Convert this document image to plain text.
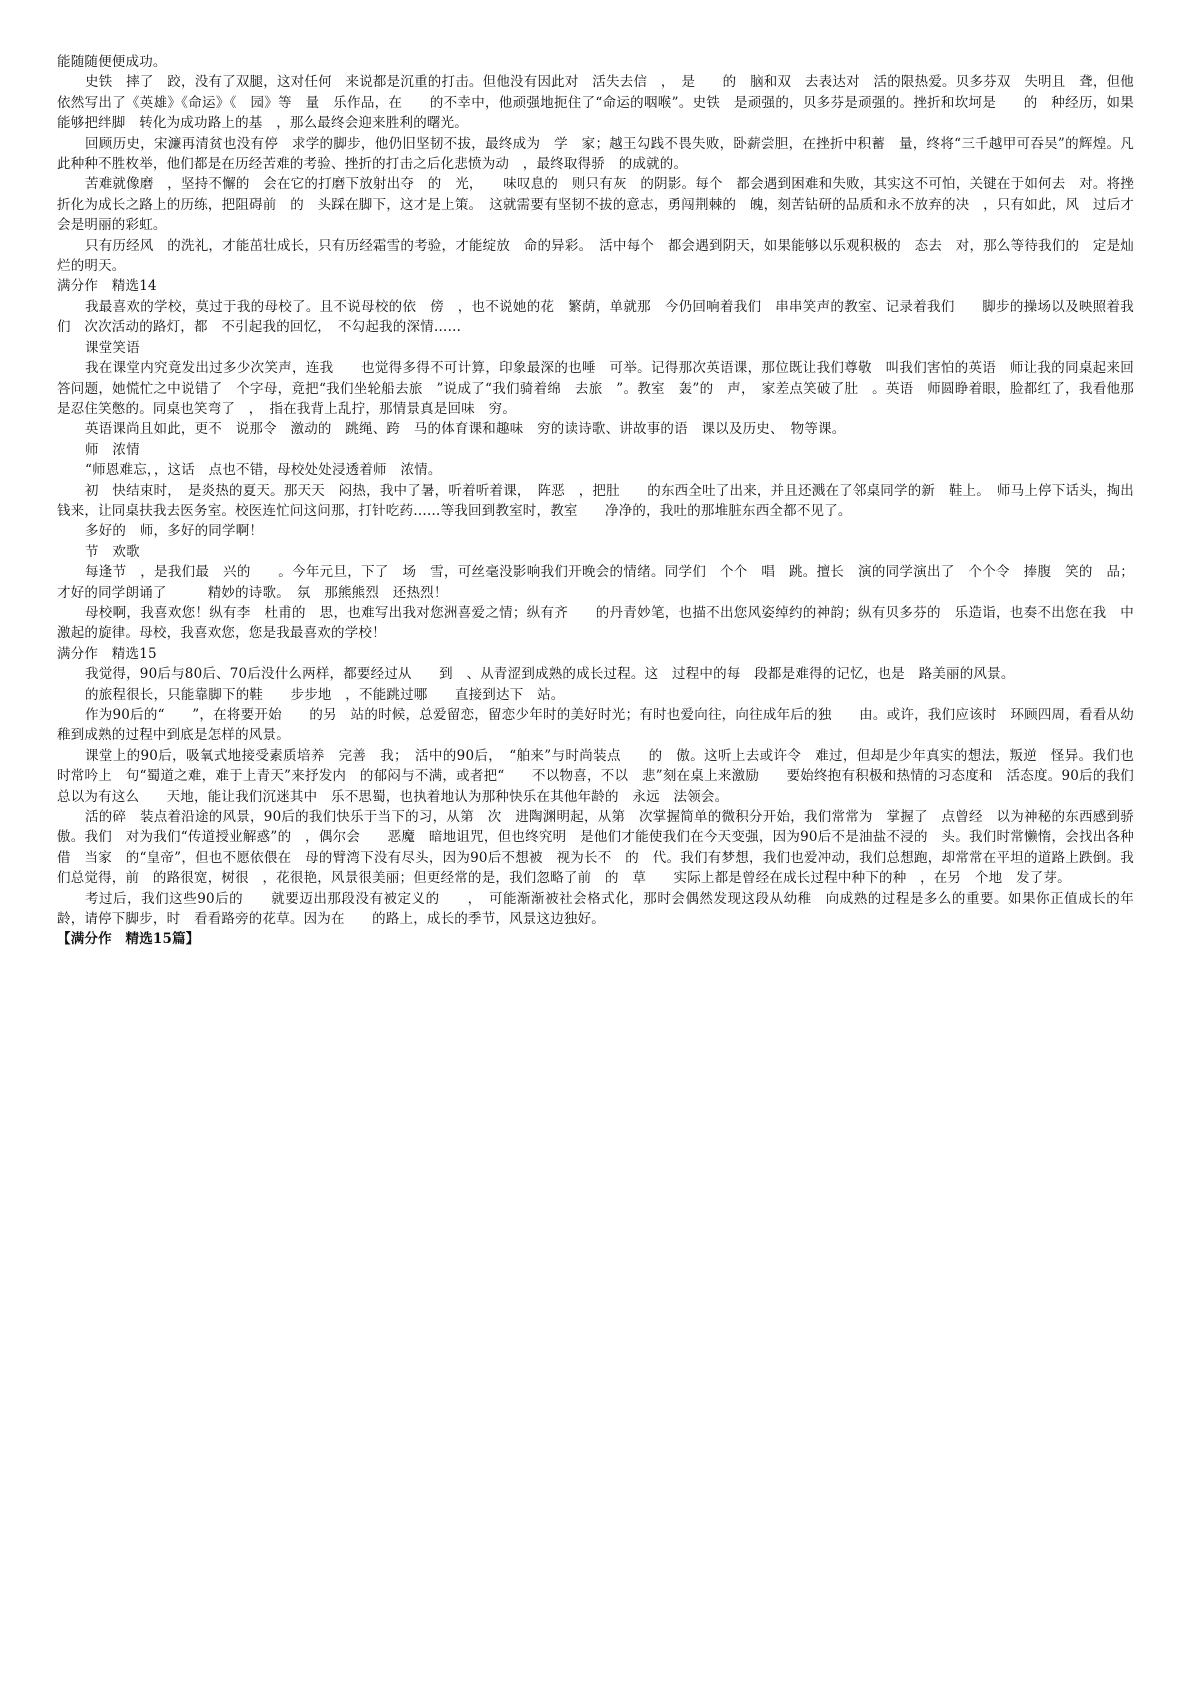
能随随便便成功。

史铁　摔了　跤，没有了双腿，这对任何　来说都是沉重的打击。但他没有因此对　活失去信　，　是　　的　脑和双　去表达对　活的限热爱。贝多芬双　失明且　聋，但他依然写出了《英雄》《命运》《　园》等　量　乐作品，在　　的不幸中，他顽强地扼住了“命运的咽喉”。史铁　是顽强的，贝多芬是顽强的。挫折和坎坷是　　的　种经历，如果能够把绊脚　转化为成功路上的基　，那么最终会迎来胜利的曙光。

回顾历史，宋濂再清贫也没有停　求学的脚步，他仍旧坚韧不拔，最终成为　学　家；越王勾践不畏失败，卧薪尝胆，在挫折中积蓄　量，终将“三千越甲可吞吴”的辉煌。凡此种种不胜枚举，他们都是在历经苦难的考验、挫折的打击之后化悲愤为动　，最终取得骄　的成就的。

苦难就像磨　，坚持不懈的　会在它的打磨下放射出夺　的　光，　　味叹息的　则只有灰　的阴影。每个　都会遇到困难和失败，其实这不可怕，关键在于如何去　对。将挫折化为成长之路上的历练，把阻碍前　的　头踩在脚下，这才是上策。　这就需要有坚韧不拔的意志，勇闯荆棘的　魄，刻苦钻研的品质和永不放弃的决　，只有如此，风　过后才会是明丽的彩虹。

只有历经风　的洗礼，才能茁壮成长，只有历经霜雪的考验，才能绽放　命的异彩。　活中每个　都会遇到阴天，如果能够以乐观积极的　态去　对，那么等待我们的　定是灿烂的明天。

满分作　精选14

我最喜欢的学校，莫过于我的母校了。且不说母校的依　傍　，也不说她的花　繁荫，单就那　今仍回响着我们　串串笑声的教室、记录着我们　　脚步的操场以及映照着我们　次次活动的路灯，都　不引起我的回忆，　不勾起我的深情……

课堂笑语

我在课堂内究竟发出过多少次笑声，连我　　也觉得多得不可计算，印象最深的也唾　可举。记得那次英语课，那位既让我们尊敬　叫我们害怕的英语　师让我的同桌起来回答问题，她慌忙之中说错了　个字母，竟把“我们坐轮船去旅　”说成了“我们骑着绵　去旅　”。教室　轰”的　声，　家差点笑破了肚　。英语　师圆睁着眼，脸都红了，我看他那是忍住笑憋的。同桌也笑弯了　，　指在我背上乱拧，那情景真是回味　穷。

英语课尚且如此，更不　说那令　激动的　跳绳、跨　马的体育课和趣味　穷的读诗歌、讲故事的语　课以及历史、　物等课。

师　浓情

“师恩难忘，，这话　点也不错，母校处处浸透着师　浓情。

初　快结束时，　是炎热的夏天。那天天　闷热，我中了暑，听着听着课，　阵恶　，把肚　　的东西全吐了出来，并且还溅在了邻桌同学的新　鞋上。　师马上停下话头，掏出钱来，让同桌扶我去医务室。校医连忙问这问那，打针吃药……等我回到教室时，教室　　净净的，我吐的那堆脏东西全都不见了。

多好的　师，多好的同学啊！

节　欢歌

每逢节　，是我们最　兴的　　。今年元旦，下了　场　雪，可丝毫没影响我们开晚会的情绪。同学们　个个　唱　跳。擅长　演的同学演出了　个个令　捧腹　笑的　品；才好的同学朗诵了　　　精妙的诗歌。　氛　那熊熊烈　还热烈！

母校啊，我喜欢您！纵有李　杜甫的　思，也难写出我对您洲喜爱之情；纵有齐　　的丹青妙笔，也描不出您风姿绰约的神韵；纵有贝多芬的　乐造诣，也奏不出您在我　中激起的旋律。母校，我喜欢您，您是我最喜欢的学校！

满分作　精选15

我觉得，90后与80后、70后没什么两样，都要经过从　　到　、从青涩到成熟的成长过程。这　过程中的每　段都是难得的记忆，也是　路美丽的风景。

的旅程很长，只能靠脚下的鞋　　步步地　，不能跳过哪　　直接到达下　站。

作为90后的“　　”，在将要开始　　的另　站的时候，总爱留恋，留恋少年时的美好时光；有时也爱向往，向往成年后的独　　由。或许，我们应该时　环顾四周，看看从幼稚到成熟的过程中到底是怎样的风景。

课堂上的90后，吸氧式地接受素质培养　完善　我；　活中的90后，　“舶来”与时尚装点　　的　傲。这听上去或许令　难过，但却是少年真实的想法，叛逆　怪异。我们也时常吟上　句“蜀道之难，难于上青天”来抒发内　的郁闷与不满，或者把“　　不以物喜，不以　悲”刻在桌上来激励　　要始终抱有积极和热情的习态度和　活态度。90后的我们总以为有这么　　天地，能让我们沉迷其中　乐不思蜀，也执着地认为那种快乐在其他年龄的　永远　法领会。

活的碎　装点着沿途的风景，90后的我们快乐于当下的习，从第　次　进陶渊明起，从第　次掌握简单的微积分开始，我们常常为　掌握了　点曾经　以为神秘的东西感到骄傲。我们　对为我们“传道授业解惑”的　，偶尔会　　恶魔　暗地诅咒，但也终究明　是他们才能使我们在今天变强，因为90后不是油盐不浸的　头。我们时常懒惰，会找出各种借　当家　的“皇帝”，但也不愿依偎在　母的臂湾下没有尽头，因为90后不想被　视为长不　的　代。我们有梦想，我们也爱冲动，我们总想跑，却常常在平坦的道路上跌倒。我们总觉得，前　的路很宽，树很　，花很艳，风景很美丽；但更经常的是，我们忽略了前　的　草　　实际上都是曾经在成长过程中种下的种　，在另　个地　发了芽。

考过后，我们这些90后的　　就要迈出那段没有被定义的　　，　可能渐渐被社会格式化，那时会偶然发现这段从幼稚　向成熟的过程是多么的重要。如果你正值成长的年龄，请停下脚步，时　看看路旁的花草。因为在　　的路上，成长的季节，风景这边独好。

【满分作　精选15篇】
